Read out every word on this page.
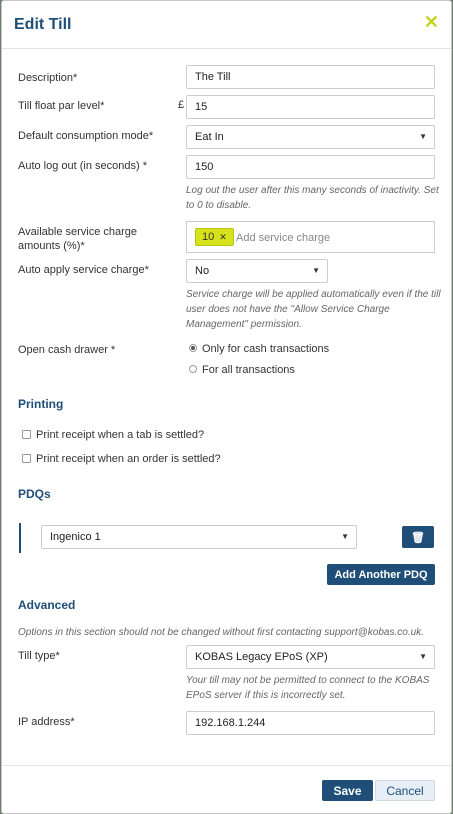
Edit Till	✕
Description*
The Till
Till float par level*	£
15
Default consumption mode*	Eat In	▼
Auto log out (in seconds) *
150
Log out the user after this many seconds of inactivity. Set to 0 to disable.
Available service charge amounts (%)*
10 ✕ Add service charge
Auto apply service charge*	No	▼
Service charge will be applied automatically even if the till user does not have the "Allow Service Charge Management" permission.
Open cash drawer *	Only for cash transactions
For all transactions
Printing
Print receipt when a tab is settled?
Print receipt when an order is settled?
PDQs
Ingenico 1	▼	🗑
Add Another PDQ
Advanced
Options in this section should not be changed without first contacting support@kobas.co.uk.
Till type*	KOBAS Legacy EPoS (XP)	▼
Your till may not be permitted to connect to the KOBAS EPoS server if this is incorrectly set.
IP address*
192.168.1.244
Save	Cancel
